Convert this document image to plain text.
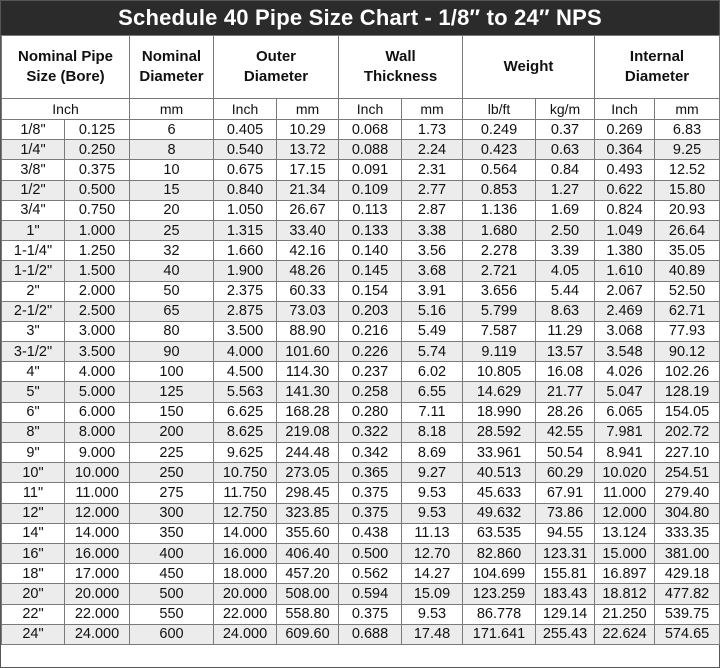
Schedule 40 Pipe Size Chart - 1/8″ to 24″ NPS
Nominal Pipe
Size (Bore)		Nominal
Diameter	Outer
Diameter		Wall
Thickness		Weight		Internal
Diameter	
Inch		mm	Inch	mm	Inch	mm	lb/ft	kg/m	Inch	mm
1/8"	0.125	6	0.405	10.29	0.068	1.73	0.249	0.37	0.269	6.83
1/4"	0.250	8	0.540	13.72	0.088	2.24	0.423	0.63	0.364	9.25
3/8"	0.375	10	0.675	17.15	0.091	2.31	0.564	0.84	0.493	12.52
1/2"	0.500	15	0.840	21.34	0.109	2.77	0.853	1.27	0.622	15.80
3/4"	0.750	20	1.050	26.67	0.113	2.87	1.136	1.69	0.824	20.93
1"	1.000	25	1.315	33.40	0.133	3.38	1.680	2.50	1.049	26.64
1-1/4"	1.250	32	1.660	42.16	0.140	3.56	2.278	3.39	1.380	35.05
1-1/2"	1.500	40	1.900	48.26	0.145	3.68	2.721	4.05	1.610	40.89
2"	2.000	50	2.375	60.33	0.154	3.91	3.656	5.44	2.067	52.50
2-1/2"	2.500	65	2.875	73.03	0.203	5.16	5.799	8.63	2.469	62.71
3"	3.000	80	3.500	88.90	0.216	5.49	7.587	11.29	3.068	77.93
3-1/2"	3.500	90	4.000	101.60	0.226	5.74	9.119	13.57	3.548	90.12
4"	4.000	100	4.500	114.30	0.237	6.02	10.805	16.08	4.026	102.26
5"	5.000	125	5.563	141.30	0.258	6.55	14.629	21.77	5.047	128.19
6"	6.000	150	6.625	168.28	0.280	7.11	18.990	28.26	6.065	154.05
8"	8.000	200	8.625	219.08	0.322	8.18	28.592	42.55	7.981	202.72
9"	9.000	225	9.625	244.48	0.342	8.69	33.961	50.54	8.941	227.10
10"	10.000	250	10.750	273.05	0.365	9.27	40.513	60.29	10.020	254.51
11"	11.000	275	11.750	298.45	0.375	9.53	45.633	67.91	11.000	279.40
12"	12.000	300	12.750	323.85	0.375	9.53	49.632	73.86	12.000	304.80
14"	14.000	350	14.000	355.60	0.438	11.13	63.535	94.55	13.124	333.35
16"	16.000	400	16.000	406.40	0.500	12.70	82.860	123.31	15.000	381.00
18"	17.000	450	18.000	457.20	0.562	14.27	104.699	155.81	16.897	429.18
20"	20.000	500	20.000	508.00	0.594	15.09	123.259	183.43	18.812	477.82
22"	22.000	550	22.000	558.80	0.375	9.53	86.778	129.14	21.250	539.75
24"	24.000	600	24.000	609.60	0.688	17.48	171.641	255.43	22.624	574.65
